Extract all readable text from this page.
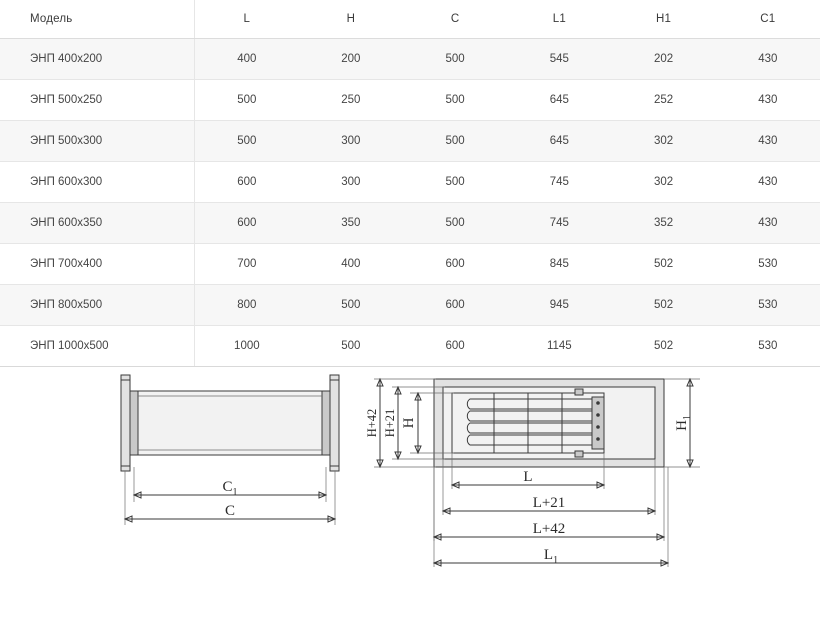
Модель	L	H	C	L1	H1	C1
ЭНП 400х200	400	200	500	545	202	430
ЭНП 500х250	500	250	500	645	252	430
ЭНП 500х300	500	300	500	645	302	430
ЭНП 600х300	600	300	500	745	302	430
ЭНП 600х350	600	350	500	745	352	430
ЭНП 700х400	700	400	600	845	502	530
ЭНП 800х500	800	500	600	945	502	530
ЭНП 1000х500	1000	500	600	1145	502	530
$C_1$
C
H+42 H+21 H	$H_1$
L
L+21
L+42
$L_1$
